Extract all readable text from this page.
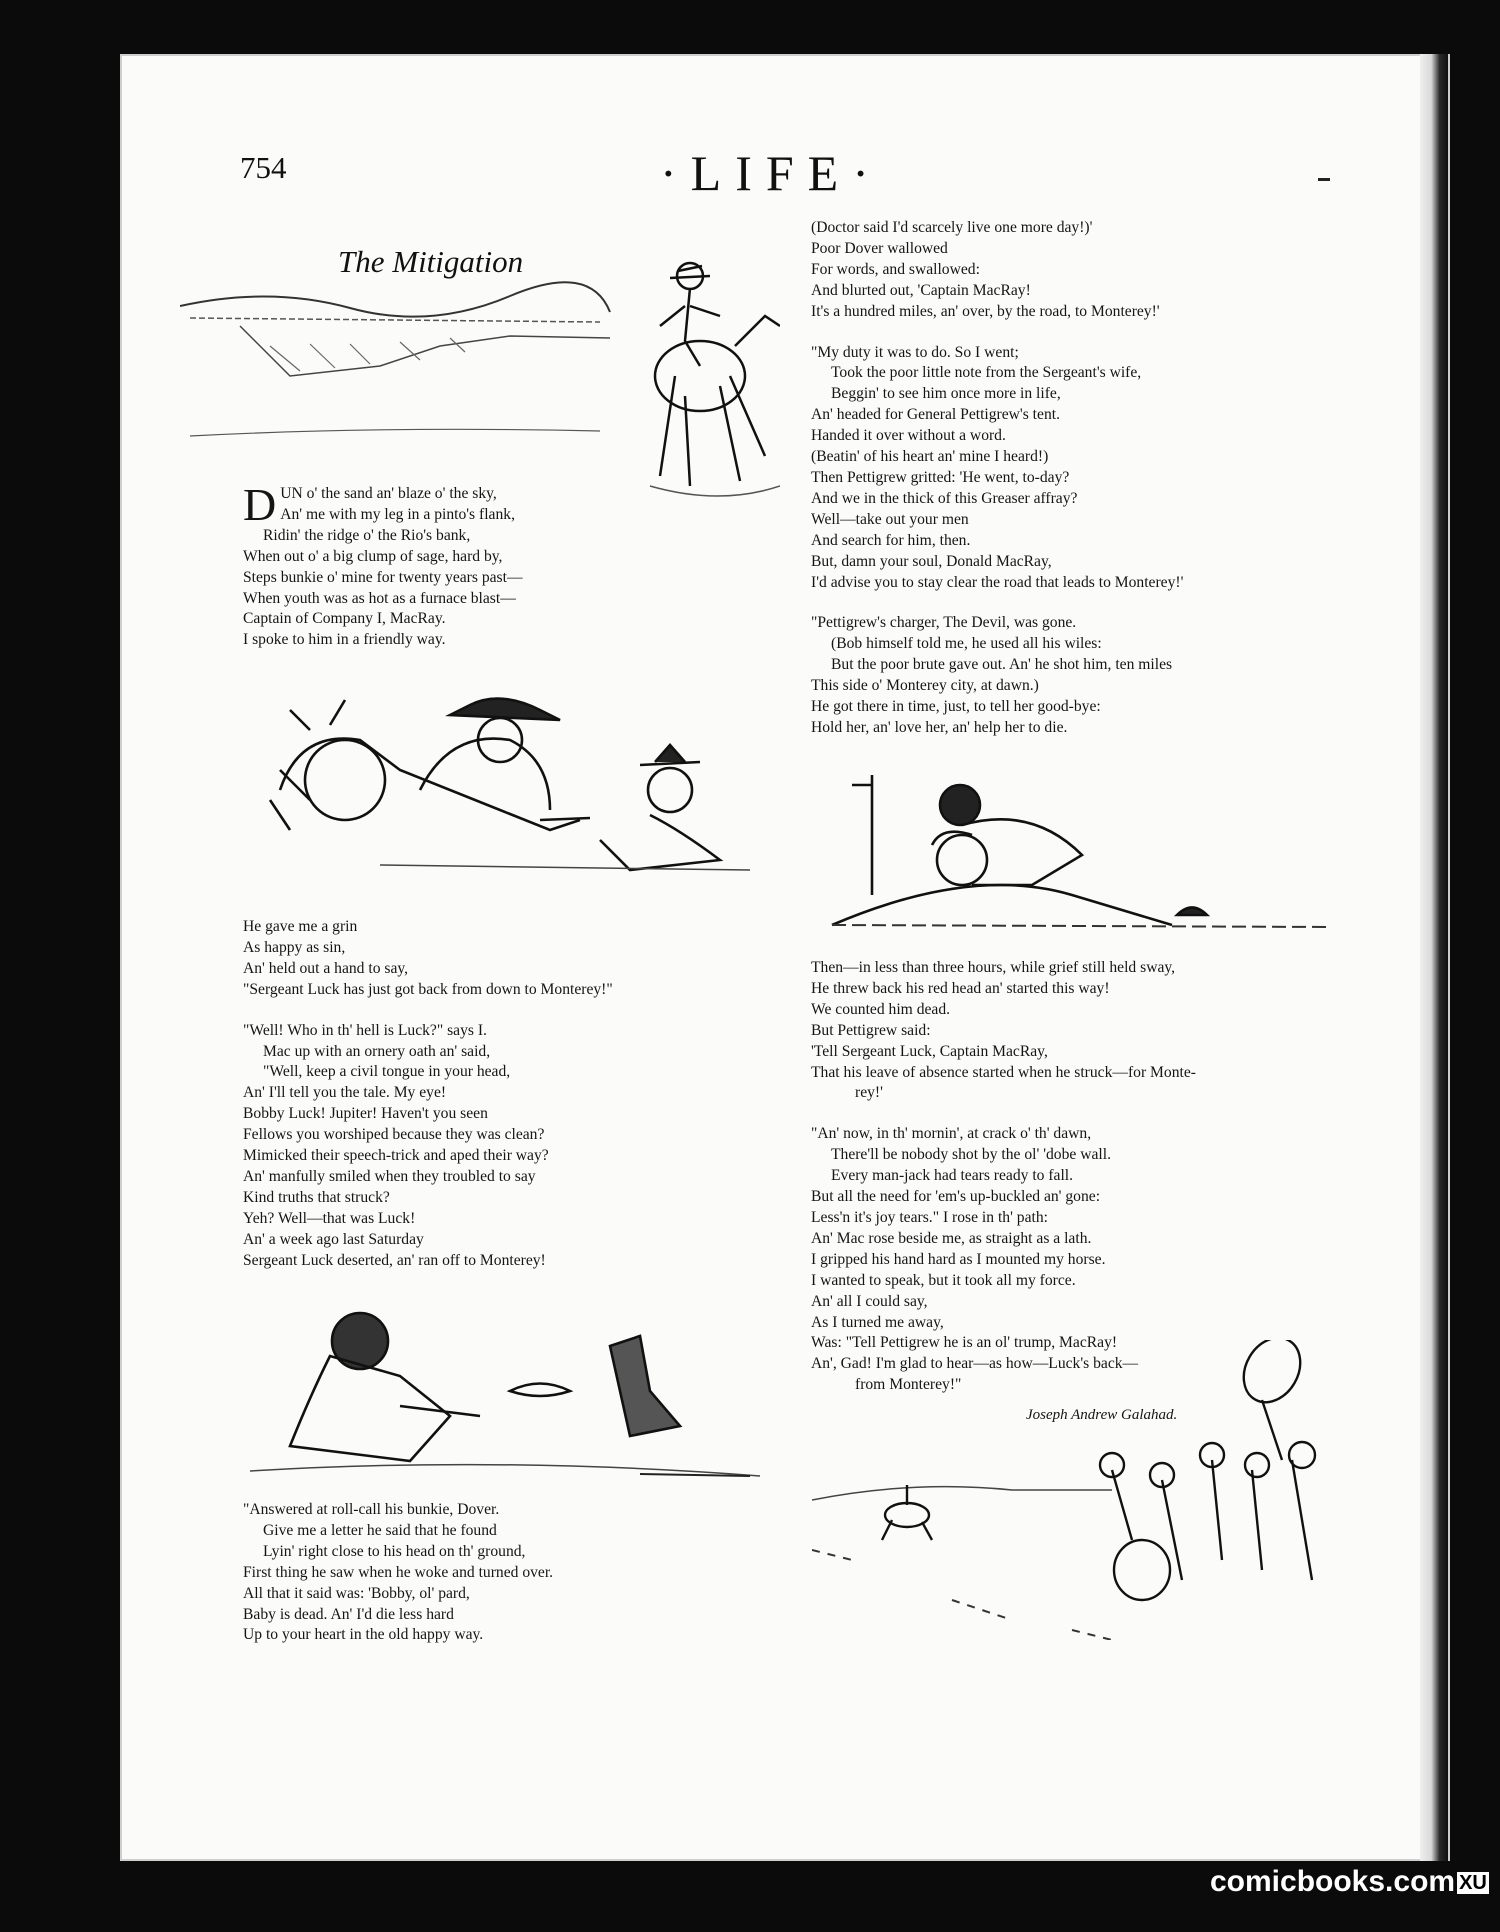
754	·LIFE·
The Mitigation
D UN o' the sand an' blaze o' the sky,

An' me with my leg in a pinto's flank,

Ridin' the ridge o' the Rio's bank,

When out o' a big clump of sage, hard by,

Steps bunkie o' mine for twenty years past—

When youth was as hot as a furnace blast—

Captain of Company I, MacRay.

I spoke to him in a friendly way.

He gave me a grin

As happy as sin,

An' held out a hand to say,

"Sergeant Luck has just got back from down to Monterey!"

"Well! Who in th' hell is Luck?" says I.

Mac up with an ornery oath an' said,

"Well, keep a civil tongue in your head,

An' I'll tell you the tale. My eye!

Bobby Luck! Jupiter! Haven't you seen

Fellows you worshiped because they was clean?

Mimicked their speech-trick and aped their way?

An' manfully smiled when they troubled to say

Kind truths that struck?

Yeh? Well—that was Luck!

An' a week ago last Saturday

Sergeant Luck deserted, an' ran off to Monterey!

"Answered at roll-call his bunkie, Dover.

Give me a letter he said that he found

Lyin' right close to his head on th' ground,

First thing he saw when he woke and turned over.

All that it said was: 'Bobby, ol' pard,

Baby is dead. An' I'd die less hard

Up to your heart in the old happy way.

(Doctor said I'd scarcely live one more day!)'

Poor Dover wallowed

For words, and swallowed:

And blurted out, 'Captain MacRay!

It's a hundred miles, an' over, by the road, to Monterey!'

"My duty it was to do. So I went;

Took the poor little note from the Sergeant's wife,

Beggin' to see him once more in life,

An' headed for General Pettigrew's tent.

Handed it over without a word.

(Beatin' of his heart an' mine I heard!)

Then Pettigrew gritted: 'He went, to-day?

And we in the thick of this Greaser affray?

Well—take out your men

And search for him, then.

But, damn your soul, Donald MacRay,

I'd advise you to stay clear the road that leads to Monterey!'

"Pettigrew's charger, The Devil, was gone.

(Bob himself told me, he used all his wiles:

But the poor brute gave out. An' he shot him, ten miles

This side o' Monterey city, at dawn.)

He got there in time, just, to tell her good-bye:

Hold her, an' love her, an' help her to die.

Then—in less than three hours, while grief still held sway,

He threw back his red head an' started this way!

We counted him dead.

But Pettigrew said:

'Tell Sergeant Luck, Captain MacRay,

That his leave of absence started when he struck—for Monte-

rey!'

"An' now, in th' mornin', at crack o' th' dawn,

There'll be nobody shot by the ol' 'dobe wall.

Every man-jack had tears ready to fall.

But all the need for 'em's up-buckled an' gone:

Less'n it's joy tears." I rose in th' path:

An' Mac rose beside me, as straight as a lath.

I gripped his hand hard as I mounted my horse.

I wanted to speak, but it took all my force.

An' all I could say,

As I turned me away,

Was: "Tell Pettigrew he is an ol' trump, MacRay!

An', Gad! I'm glad to hear—as how—Luck's back—

from Monterey!"

Joseph Andrew Galahad.
comicbooks.com XU
